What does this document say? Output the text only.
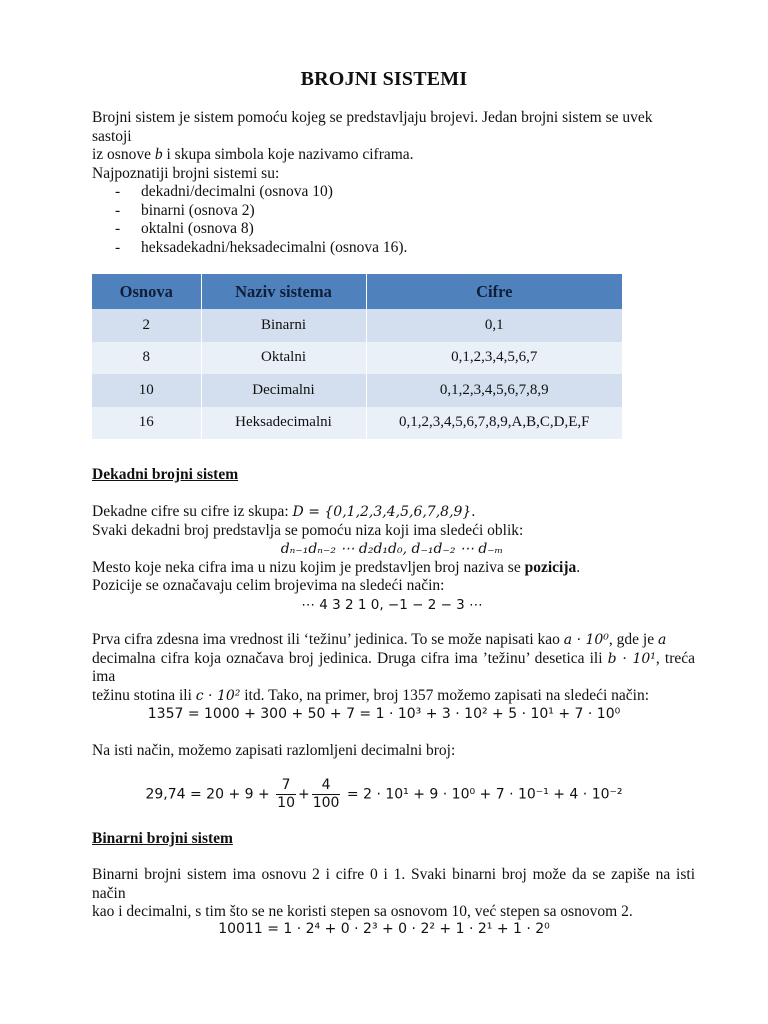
BROJNI SISTEMI

Brojni sistem je sistem pomoću kojeg se predstavljaju brojevi. Jedan brojni sistem se uvek sastoji

iz osnove b i skupa simbola koje nazivamo ciframa.

Najpoznatiji brojni sistemi su:

- dekadni/decimalni (osnova 10)
- binarni (osnova 2)
- oktalni (osnova 8)
- heksadekadni/heksadecimalni (osnova 16).
Osnova	Naziv sistema	Cifre
2	Binarni	0,1
8	Oktalni	0,1,2,3,4,5,6,7
10	Decimalni	0,1,2,3,4,5,6,7,8,9
16	Heksadecimalni	0,1,2,3,4,5,6,7,8,9,A,B,C,D,E,F
Dekadni brojni sistem
Dekadne cifre su cifre iz skupa: D = {0,1,2,3,4,5,6,7,8,9}.
Svaki dekadni broj predstavlja se pomoću niza koji ima sledeći oblik:
dₙ₋₁dₙ₋₂ ⋯ d₂d₁d₀, d₋₁d₋₂ ⋯ d₋ₘ
Mesto koje neka cifra ima u nizu kojim je predstavljen broj naziva se pozicija.
Pozicije se označavaju celim brojevima na sledeći način:
⋯ 4 3 2 1 0, −1 − 2 − 3 ⋯

Prva cifra zdesna ima vrednost ili ‘težinu’ jedinica. To se može napisati kao a · 10⁰, gde je a

decimalna cifra koja označava broj jedinica. Druga cifra ima ’težinu’ desetica ili b · 10¹, treća ima

težinu stotina ili c · 10² itd. Tako, na primer, broj 1357 možemo zapisati na sledeći način:

1357 = 1000 + 300 + 50 + 7 = 1 · 10³ + 3 · 10² + 5 · 10¹ + 7 · 10⁰
Na isti način, možemo zapisati razlomljeni decimalni broj:
$29,74 = 20 + 9 + \frac{7}{10} + \frac{4}{100} = 2 \cdot 10^1 + 9 \cdot 10^0 + 7 \cdot 10^{-1} + 4 \cdot 10^{-2}$
Binarni brojni sistem

Binarni brojni sistem ima osnovu 2 i cifre 0 i 1. Svaki binarni broj može da se zapiše na isti način

kao i decimalni, s tim što se ne koristi stepen sa osnovom 10, već stepen sa osnovom 2.

10011 = 1 · 2⁴ + 0 · 2³ + 0 · 2² + 1 · 2¹ + 1 · 2⁰
